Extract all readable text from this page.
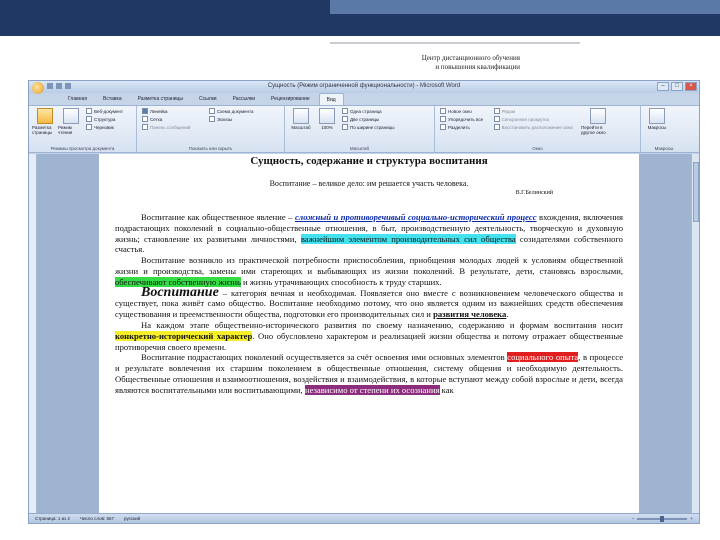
Центр дистанционного обучения и повышения квалификации
Сущность (Режим ограниченной функциональности) - Microsoft Word	–	□	×
Главная	Вставка	Разметка страницы	Ссылки	Рассылки	Рецензирование	Вид
Разметка страницы
Режим чтения
Веб-документ
Структура
Черновик
Режимы просмотра документа
Линейка
Сетка
Панель сообщений

Схема документа
Эскизы
Показать или скрыть
Масштаб 100%
Одна страница
Две страницы
По ширине страницы
Масштаб
Новое окно
Упорядочить все
Разделить

Рядом
Синхронная прокрутка
Восстановить расположение окна
Перейти в другое окно
Окно
Макросы
Макросы
Сущность, содержание и структура воспитания
Воспитание – великое дело: им решается участь человека.
В.Г.Белинский

Воспитание как общественное явление – сложный и противоречивый социально-исторический процесс вхождения, включения подрастающих поколений в социально-общественные отношения, в быт, производственную деятельность, творческую и духовную жизнь; становление их развитыми личностями, важнейшим элементом производительных сил общества созидателями собственного счастья.

Воспитание возникло из практической потребности приспособления, приобщения молодых людей к условиям общественной жизни и производства, замены ими стареющих и выбывающих из жизни поколений. В результате, дети, становясь взрослыми, обеспечивают собственную жизнь и жизнь утрачивающих способность к труду старших.

Воспитание – категория вечная и необходимая. Появляется оно вместе с возникновением человеческого общества и существует, пока живёт само общество. Воспитание необходимо потому, что оно является одним из важнейших средств обеспечения существования и преемственности общества, подготовки его производительных сил и развития человека.

На каждом этапе общественно-исторического развития по своему назначению, содержанию и формам воспитания носит конкретно-исторический характер. Оно обусловлено характером и реализацией жизни общества и потому отражает общественные противоречия своего времени.

Воспитание подрастающих поколений осуществляется за счёт освоения ими основных элементов социального опыта, в процессе и результате вовлечения их старшим поколением в общественные отношения, систему общения и необходимую деятельность. Общественные отношения и взаимоотношения, воздействия и взаимодействия, в которые вступают между собой взрослые и дети, всегда являются воспитательными или воспитывающими, независимо от степени их осознания как

Страница: 1 из 2 Число слов: 567 русский	−	+
